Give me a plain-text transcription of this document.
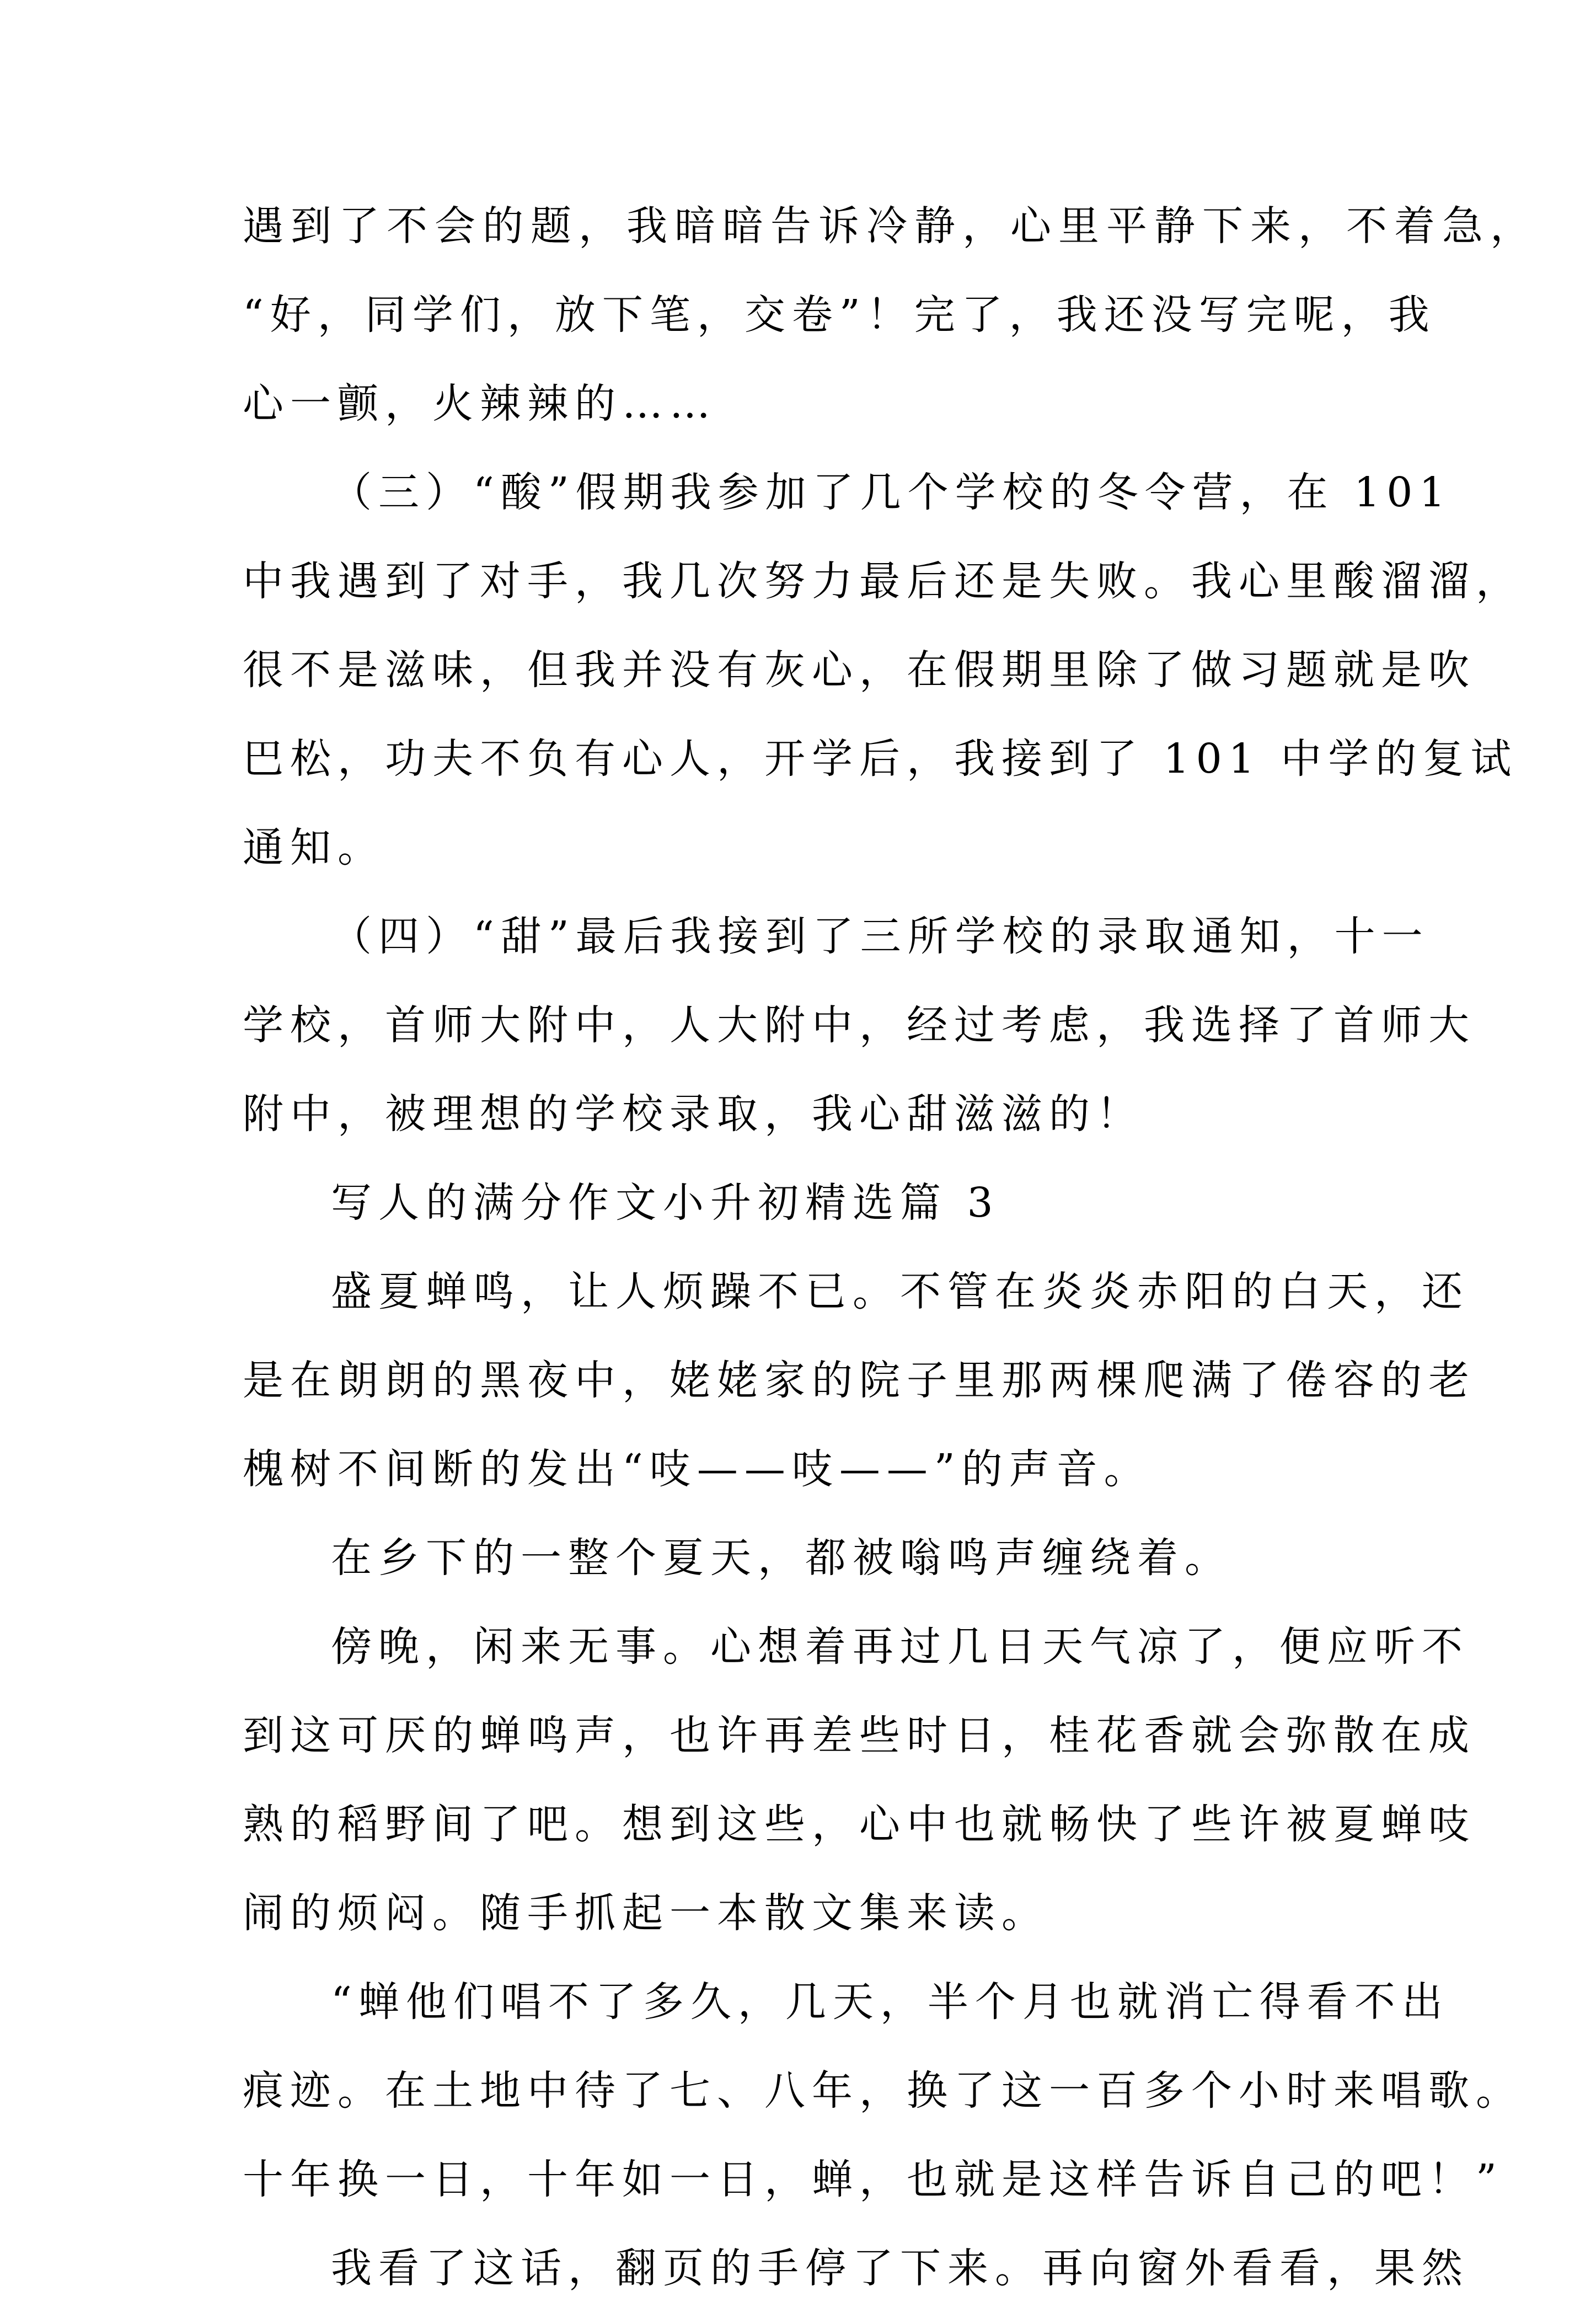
遇到了不会的题，我暗暗告诉冷静，心里平静下来，不着急，
“好，同学们，放下笔，交卷”！完了，我还没写完呢，我
心一颤，火辣辣的……
（三）“酸”假期我参加了几个学校的冬令营，在 101
中我遇到了对手，我几次努力最后还是失败。我心里酸溜溜，
很不是滋味，但我并没有灰心，在假期里除了做习题就是吹
巴松，功夫不负有心人，开学后，我接到了 101 中学的复试
通知。
（四）“甜”最后我接到了三所学校的录取通知，十一
学校，首师大附中，人大附中，经过考虑，我选择了首师大
附中，被理想的学校录取，我心甜滋滋的！
写人的满分作文小升初精选篇 3
盛夏蝉鸣，让人烦躁不已。不管在炎炎赤阳的白天，还
是在朗朗的黑夜中，姥姥家的院子里那两棵爬满了倦容的老
槐树不间断的发出“吱——吱——”的声音。
在乡下的一整个夏天，都被嗡鸣声缠绕着。
傍晚，闲来无事。心想着再过几日天气凉了，便应听不
到这可厌的蝉鸣声，也许再差些时日，桂花香就会弥散在成
熟的稻野间了吧。想到这些，心中也就畅快了些许被夏蝉吱
闹的烦闷。随手抓起一本散文集来读。
“蝉他们唱不了多久，几天，半个月也就消亡得看不出
痕迹。在土地中待了七、八年，换了这一百多个小时来唱歌。
十年换一日，十年如一日，蝉，也就是这样告诉自己的吧！”
我看了这话，翻页的手停了下来。再向窗外看看，果然
